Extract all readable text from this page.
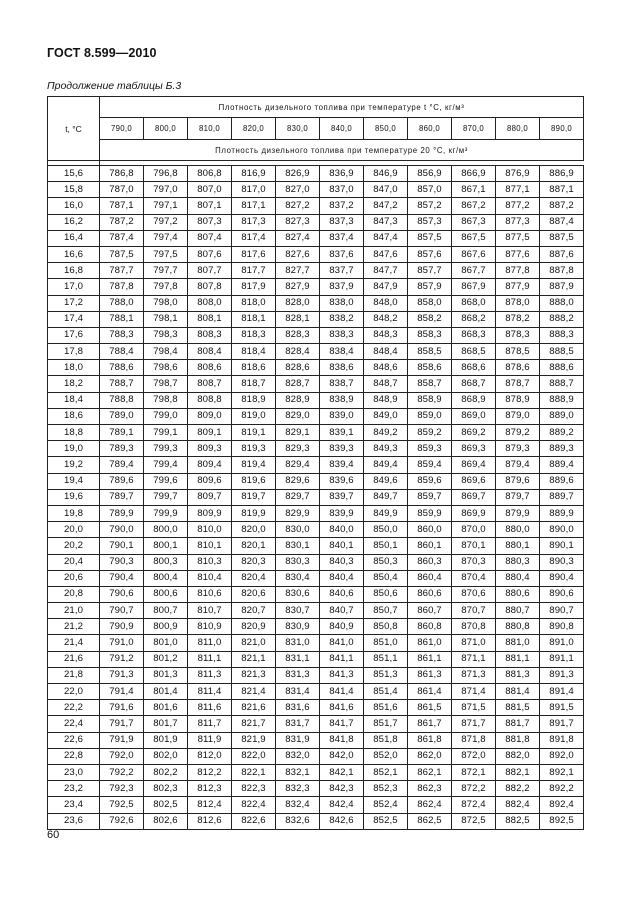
ГОСТ 8.599—2010
Продолжение таблицы Б.3
t, °C	Плотность дизельного топлива при температуре t °C, кг/м³										
	790,0	800,0	810,0	820,0	830,0	840,0	850,0	860,0	870,0	880,0	890,0
	Плотность дизельного топлива при температуре 20 °C, кг/м³										

15,6	786,8	796,8	806,8	816,9	826,9	836,9	846,9	856,9	866,9	876,9	886,9
15,8	787,0	797,0	807,0	817,0	827,0	837,0	847,0	857,0	867,1	877,1	887,1
16,0	787,1	797,1	807,1	817,1	827,2	837,2	847,2	857,2	867,2	877,2	887,2
16,2	787,2	797,2	807,3	817,3	827,3	837,3	847,3	857,3	867,3	877,3	887,4
16,4	787,4	797,4	807,4	817,4	827,4	837,4	847,4	857,5	867,5	877,5	887,5
16,6	787,5	797,5	807,6	817,6	827,6	837,6	847,6	857,6	867,6	877,6	887,6
16,8	787,7	797,7	807,7	817,7	827,7	837,7	847,7	857,7	867,7	877,8	887,8
17,0	787,8	797,8	807,8	817,9	827,9	837,9	847,9	857,9	867,9	877,9	887,9
17,2	788,0	798,0	808,0	818,0	828,0	838,0	848,0	858,0	868,0	878,0	888,0
17,4	788,1	798,1	808,1	818,1	828,1	838,2	848,2	858,2	868,2	878,2	888,2
17,6	788,3	798,3	808,3	818,3	828,3	838,3	848,3	858,3	868,3	878,3	888,3
17,8	788,4	798,4	808,4	818,4	828,4	838,4	848,4	858,5	868,5	878,5	888,5
18,0	788,6	798,6	808,6	818,6	828,6	838,6	848,6	858,6	868,6	878,6	888,6
18,2	788,7	798,7	808,7	818,7	828,7	838,7	848,7	858,7	868,7	878,7	888,7
18,4	788,8	798,8	808,8	818,9	828,9	838,9	848,9	858,9	868,9	878,9	888,9
18,6	789,0	799,0	809,0	819,0	829,0	839,0	849,0	859,0	869,0	879,0	889,0
18,8	789,1	799,1	809,1	819,1	829,1	839,1	849,2	859,2	869,2	879,2	889,2
19,0	789,3	799,3	809,3	819,3	829,3	839,3	849,3	859,3	869,3	879,3	889,3
19,2	789,4	799,4	809,4	819,4	829,4	839,4	849,4	859,4	869,4	879,4	889,4
19,4	789,6	799,6	809,6	819,6	829,6	839,6	849,6	859,6	869,6	879,6	889,6
19,6	789,7	799,7	809,7	819,7	829,7	839,7	849,7	859,7	869,7	879,7	889,7
19,8	789,9	799,9	809,9	819,9	829,9	839,9	849,9	859,9	869,9	879,9	889,9
20,0	790,0	800,0	810,0	820,0	830,0	840,0	850,0	860,0	870,0	880,0	890,0
20,2	790,1	800,1	810,1	820,1	830,1	840,1	850,1	860,1	870,1	880,1	890,1
20,4	790,3	800,3	810,3	820,3	830,3	840,3	850,3	860,3	870,3	880,3	890,3
20,6	790,4	800,4	810,4	820,4	830,4	840,4	850,4	860,4	870,4	880,4	890,4
20,8	790,6	800,6	810,6	820,6	830,6	840,6	850,6	860,6	870,6	880,6	890,6
21,0	790,7	800,7	810,7	820,7	830,7	840,7	850,7	860,7	870,7	880,7	890,7
21,2	790,9	800,9	810,9	820,9	830,9	840,9	850,8	860,8	870,8	880,8	890,8
21,4	791,0	801,0	811,0	821,0	831,0	841,0	851,0	861,0	871,0	881,0	891,0
21,6	791,2	801,2	811,1	821,1	831,1	841,1	851,1	861,1	871,1	881,1	891,1
21,8	791,3	801,3	811,3	821,3	831,3	841,3	851,3	861,3	871,3	881,3	891,3
22,0	791,4	801,4	811,4	821,4	831,4	841,4	851,4	861,4	871,4	881,4	891,4
22,2	791,6	801,6	811,6	821,6	831,6	841,6	851,6	861,5	871,5	881,5	891,5
22,4	791,7	801,7	811,7	821,7	831,7	841,7	851,7	861,7	871,7	881,7	891,7
22,6	791,9	801,9	811,9	821,9	831,9	841,8	851,8	861,8	871,8	881,8	891,8
22,8	792,0	802,0	812,0	822,0	832,0	842,0	852,0	862,0	872,0	882,0	892,0
23,0	792,2	802,2	812,2	822,1	832,1	842,1	852,1	862,1	872,1	882,1	892,1
23,2	792,3	802,3	812,3	822,3	832,3	842,3	852,3	862,3	872,2	882,2	892,2
23,4	792,5	802,5	812,4	822,4	832,4	842,4	852,4	862,4	872,4	882,4	892,4
23,6	792,6	802,6	812,6	822,6	832,6	842,6	852,5	862,5	872,5	882,5	892,5
60
